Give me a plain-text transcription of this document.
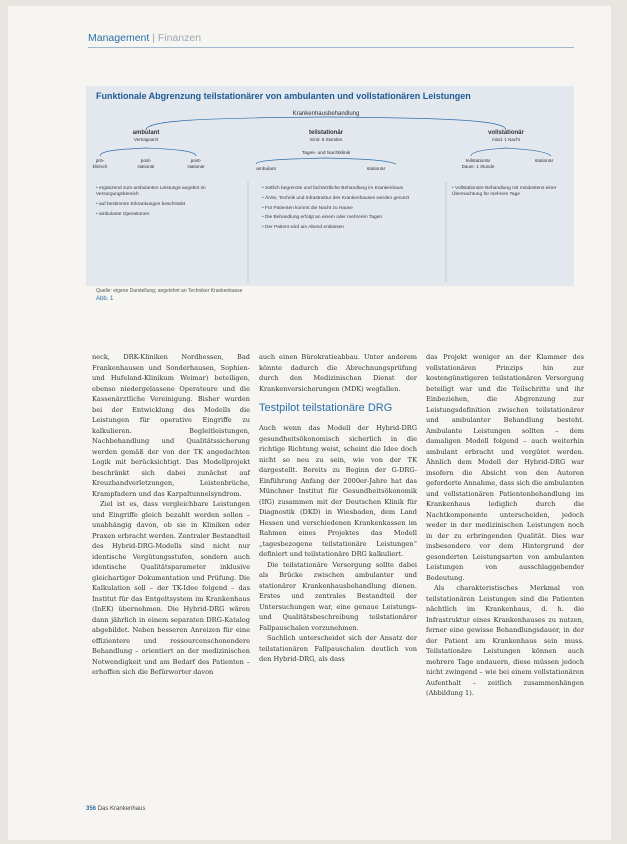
Management | Finanzen
Funktionale Abgrenzung teilstationärer von ambulanten und vollstationären Leistungen
Krankenhausbehandlung
ambulant
Vertragsarzt
teilstationär
mind. 6 Stunden
vollstationär
mind. 1 Nacht
prä-
klinisch
post-
stationär
post-
stationär
Tages- und Nachtklinik
ambulant	stationär
teilstationär
Dauer: 1 Stunde
stationär
• ergänzend zum ambulanten Leistungs-angebot im Versorgungsbereich
• auf bestimmte Erkrankungen beschränkt
• ambulante Operationen
• zeitlich begrenzte und fachärztliche Behandlung im Krankenhaus
• Ärzte, Technik und Infrastruktur des Krankenhauses werden genutzt
• Für Patienten kommt die Nacht zu Hause
• Die Behandlung erfolgt an einem oder mehreren Tagen
• Der Patient wird am Abend entlassen
• Vollstationäre Behandlung mit mindestens einer Übernachtung für mehrere Tage
Quelle: eigene Darstellung; angelehnt an Techniker Krankenkasse
Abb. 1

neck, DRK-Kliniken Nordhessen, Bad Frankenhausen und Sonderhausen, Sophien- und Hufeland-Klinikum Weimar) beteiligen, ebenso niedergelassene Operateure und die Kassenärztliche Vereinigung. Bisher wurden bei der Entwicklung des Modells die Leistungen für operative Eingriffe zu kalkulieren. Begleitleistungen, Nachbehandlung und Qualitätssicherung werden gemäß der von der TK angedachten Logik mit berücksichtigt. Das Modellprojekt beschränkt sich dabei zunächst auf Kreuzbandverletzungen, Leistenbrüche, Krampfadern und das Karpaltunnelsyndrom.

Ziel ist es, dass vergleichbare Leistungen und Eingriffe gleich bezahlt werden sollen – unabhängig davon, ob sie in Kliniken oder Praxen erbracht werden. Zentraler Bestandteil des Hybrid-DRG-Modells sind nicht nur identische Vergütungsstufen, sondern auch identische Qualitätsparameter inklusive gleichartiger Dokumentation und Prüfung. Die Kalkulation soll – der TK-Idee folgend – das Institut für das Entgeltsystem im Krankenhaus (InEK) übernehmen. Die Hybrid-DRG wären dann jährlich in einem separaten DRG-Katalog abgebildet. Neben besseren Anreizen für eine effizientere und ressourcenschonendere Behandlung – orientiert an der medizinischen Notwendigkeit und am Bedarf des Patienten – erhoffen sich die Befürworter davon

auch einen Bürokratieabbau. Unter anderem könnte dadurch die Abrechnungsprüfung durch den Medizinischen Dienst der Krankenversicherungen (MDK) wegfallen.

Testpilot teilstationäre DRG

Auch wenn das Modell der Hybrid-DRG gesundheitsökonomisch sicherlich in die richtige Richtung weist, scheint die Idee doch nicht so neu zu sein, wie von der TK dargestellt. Bereits zu Beginn der G-DRG-Einführung Anfang der 2000er-Jahre hat das Münchner Institut für Gesundheitsökonomik (IfG) zusammen mit der Deutschen Klinik für Diagnostik (DKD) in Wiesbaden, dem Land Hessen und verschiedenen Krankenkassen im Rahmen eines Projektes das Modell „tagesbezogene teilstationäre Leistungen“ definiert und teilstationäre DRG kalkuliert.

Die teilstationäre Versorgung sollte dabei als Brücke zwischen ambulanter und stationärer Krankenhausbehandlung dienen. Erstes und zentrales Bestandteil der Untersuchungen war, eine genaue Leistungs- und Qualitätsbeschreibung teilstationärer Fallpauschalen vorzunehmen.

Sachlich unterscheidet sich der Ansatz der teilstationären Fallpauschalen deutlich von den Hybrid-DRG, als dass

das Projekt weniger an der Klammer des vollstationären Prinzips hin zur kostengünstigeren teilstationären Versorgung beteiligt war und die Teilschritte und ihr Einbeziehen, die Abgrenzung zur Leistungsdefinition zwischen teilstationärer und ambulanter Behandlung besteht. Ambulante Leistungen sollten – dem damaligen Modell folgend – auch weiterhin ambulant erbracht und vergütet werden. Ähnlich dem Modell der Hybrid-DRG war insofern die Absicht von den Autoren geforderte Annahme, dass sich die ambulanten und vollstationären Patientenbehandlung im Krankenhaus lediglich durch die Nachtkomponente unterscheiden, jedoch weder in der medizinischen Leistungen noch in der zu erbringenden Qualität. Dies war insbesondere vor dem Hintergrund der gesonderten Leistungsarten von ambulanten Leistungen von ausschlaggebender Bedeutung.

Als charakteristisches Merkmal von teilstationären Leistungen sind die Patienten nächtlich im Krankenhaus, d. h. die Infrastruktur eines Krankenhauses zu nutzen, ferner eine gewisse Behandlungsdauer, in der der Patient am Krankenhaus sein muss. Teilstationäre Leistungen können auch mehrere Tage andauern, diese müssen jedoch nicht zwingend – wie bei einem vollstationären Aufenthalt – zeitlich zusammenhängen (Abbildung 1).

356 Das Krankenhaus
